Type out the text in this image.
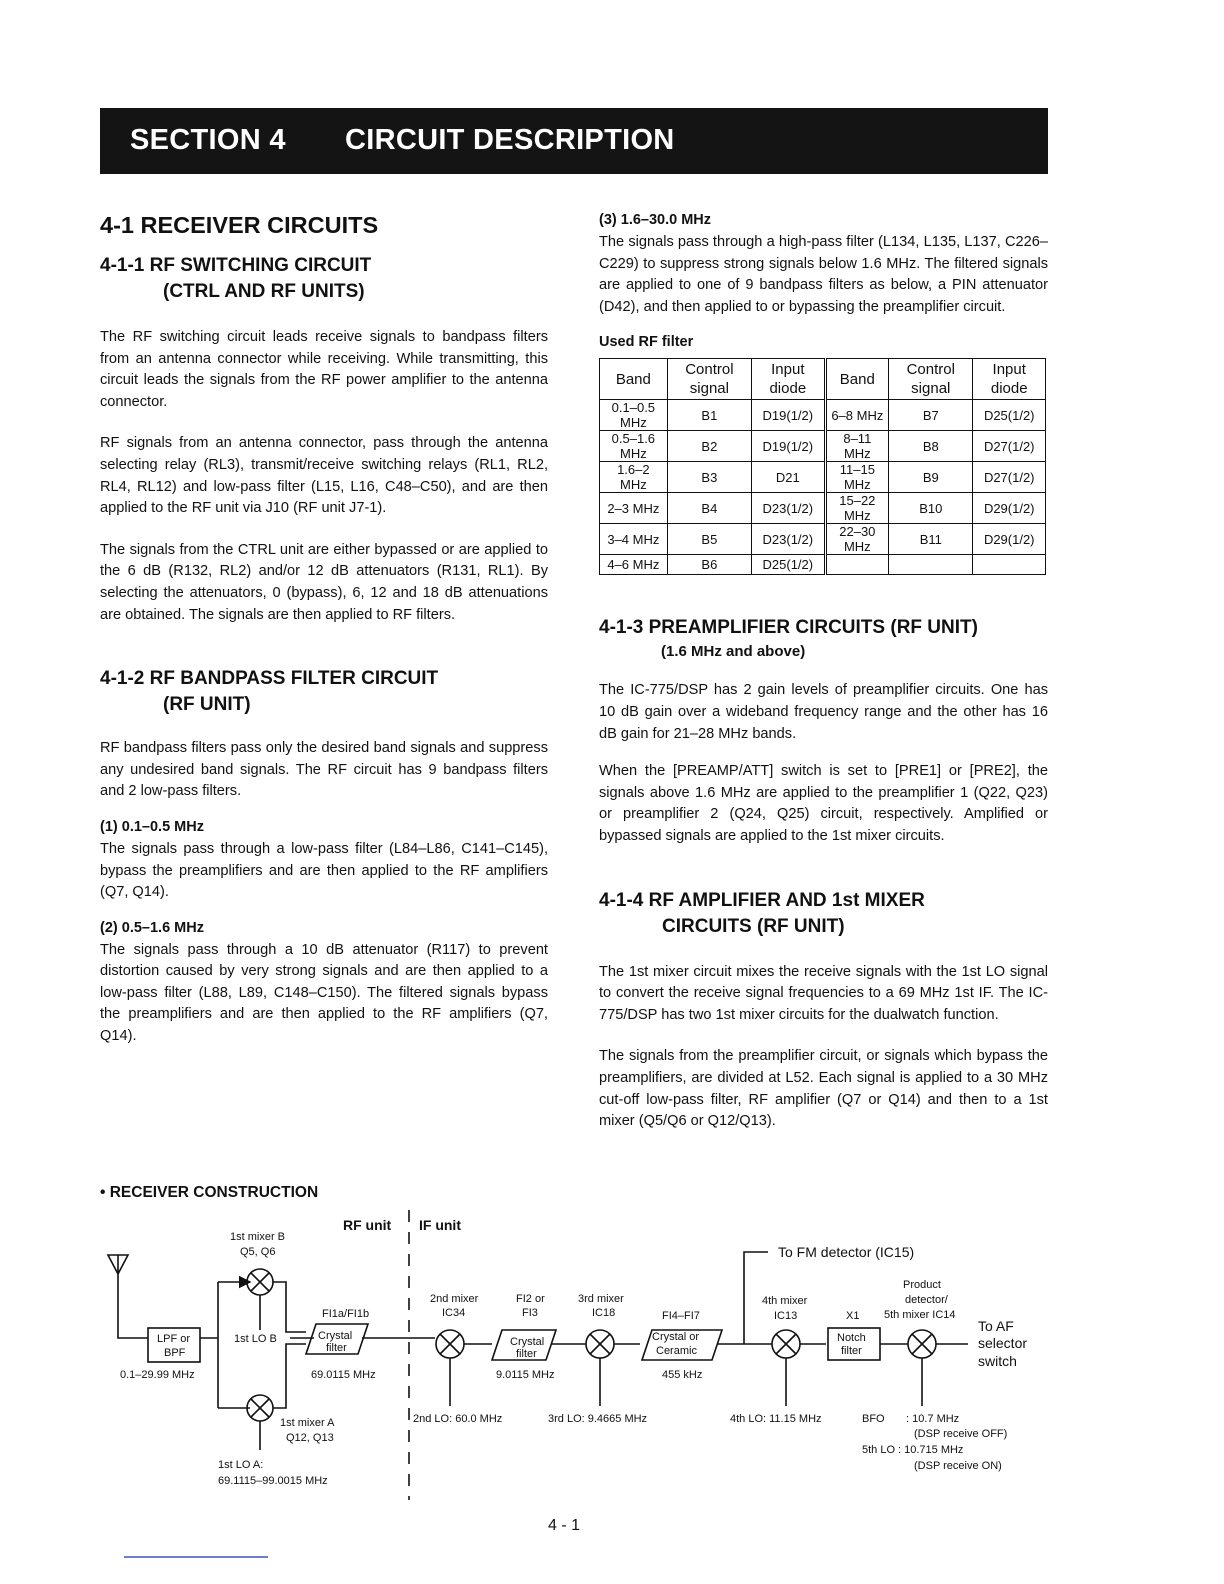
SECTION 4 CIRCUIT DESCRIPTION
4-1 RECEIVER CIRCUITS
4-1-1 RF SWITCHING CIRCUIT
(CTRL AND RF UNITS)

The RF switching circuit leads receive signals to bandpass filters from an antenna connector while receiving. While transmitting, this circuit leads the signals from the RF power amplifier to the antenna connector.

RF signals from an antenna connector, pass through the antenna selecting relay (RL3), transmit/receive switching relays (RL1, RL2, RL4, RL12) and low-pass filter (L15, L16, C48–C50), and are then applied to the RF unit via J10 (RF unit J7-1).

The signals from the CTRL unit are either bypassed or are applied to the 6 dB (R132, RL2) and/or 12 dB attenuators (R131, RL1). By selecting the attenuators, 0 (bypass), 6, 12 and 18 dB attenuations are obtained. The signals are then applied to RF filters.

4-1-2 RF BANDPASS FILTER CIRCUIT
(RF UNIT)

RF bandpass filters pass only the desired band signals and suppress any undesired band signals. The RF circuit has 9 bandpass filters and 2 low-pass filters.

(1) 0.1–0.5 MHz

The signals pass through a low-pass filter (L84–L86, C141–C145), bypass the preamplifiers and are then applied to the RF amplifiers (Q7, Q14).

(2) 0.5–1.6 MHz

The signals pass through a 10 dB attenuator (R117) to prevent distortion caused by very strong signals and are then applied to a low-pass filter (L88, L89, C148–C150). The filtered signals bypass the preamplifiers and are then applied to the RF amplifiers (Q7, Q14).

(3) 1.6–30.0 MHz

The signals pass through a high-pass filter (L134, L135, L137, C226–C229) to suppress strong signals below 1.6 MHz. The filtered signals are applied to one of 9 bandpass filters as below, a PIN attenuator (D42), and then applied to or bypassing the preamplifier circuit.

Used RF filter
Band	Control signal	Input diode	Band	Control signal	Input diode
0.1–0.5 MHz	B1	D19(1/2)	6–8 MHz	B7	D25(1/2)
0.5–1.6 MHz	B2	D19(1/2)	8–11 MHz	B8	D27(1/2)
1.6–2 MHz	B3	D21	11–15 MHz	B9	D27(1/2)
2–3 MHz	B4	D23(1/2)	15–22 MHz	B10	D29(1/2)
3–4 MHz	B5	D23(1/2)	22–30 MHz	B11	D29(1/2)
4–6 MHz	B6	D25(1/2)			
4-1-3 PREAMPLIFIER CIRCUITS (RF UNIT)
(1.6 MHz and above)

The IC-775/DSP has 2 gain levels of preamplifier circuits. One has 10 dB gain over a wideband frequency range and the other has 16 dB gain for 21–28 MHz bands.

When the [PREAMP/ATT] switch is set to [PRE1] or [PRE2], the signals above 1.6 MHz are applied to the preamplifier 1 (Q22, Q23) or preamplifier 2 (Q24, Q25) circuit, respectively. Amplified or bypassed signals are applied to the 1st mixer circuits.

4-1-4 RF AMPLIFIER AND 1st MIXER
CIRCUITS (RF UNIT)

The 1st mixer circuit mixes the receive signals with the 1st LO signal to convert the receive signal frequencies to a 69 MHz 1st IF. The IC-775/DSP has two 1st mixer circuits for the dualwatch function.

The signals from the preamplifier circuit, or signals which bypass the preamplifiers, are divided at L52. Each signal is applied to a 30 MHz cut-off low-pass filter, RF amplifier (Q7 or Q14) and then to a 1st mixer (Q5/Q6 or Q12/Q13).

• RECEIVER CONSTRUCTION
1st mixer B
Q5, Q6
RF unit IF unit
LPF or
BPF
1st LO B
0.1–29.99 MHz
1st mixer A
Q12, Q13
1st LO A:
69.1115–99.0015 MHz
FI1a/FI1b
Crystal
filter
69.0115 MHz
2nd mixer
IC34
2nd LO: 60.0 MHz
FI2 or
FI3
Crystal
filter
9.0115 MHz
3rd mixer
IC18
3rd LO: 9.4665 MHz
FI4–FI7
Crystal or
Ceramic
455 kHz
To FM detector (IC15)
4th mixer
IC13
4th LO: 11.15 MHz
X1
Notch
filter
Product
detector/
5th mixer IC14
To AF
selector
switch
BFO : 10.7 MHz
(DSP receive OFF)
5th LO : 10.715 MHz
(DSP receive ON)
4 - 1
